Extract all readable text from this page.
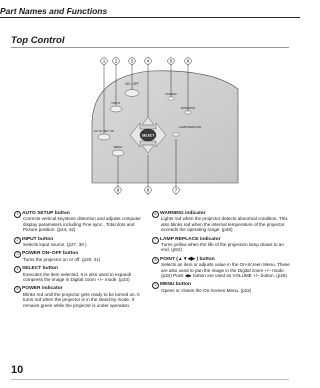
Part Names and Functions
Top Control
1 2	3	4	5	6
ON - OFF
INPUT
AUTO SET UP
MENU
POWER
WARNING
LAMP REPLACE
SELECT
9	8	7
1 AUTO SETUP button
Corrects vertical keystone distortion and adjusts computer display parameters including Fine sync., Total dots and Picture position. (p24, 42)
2 INPUT button
Selects input source. (p27, 36 )
3 POWER ON–OFF button
Turns the projector on or off. (p20, 21)
4 SELECT button
Executes the item selected. It is also used to expand/ compress the image in Digital zoom +/– mode. (p34)
5 POWER indicator
Blinks red until the projector gets ready to be turned on. It turns red when the projector is in the stand-by mode. It remains green while the projector is under operation.
6 WARNING indicator
Lights red when the projector detects abnormal condition. This also blinks red when the internal temperature of the projector exceeds the operating range. (p48)
7 LAMP REPLACE indicator
Turns yellow when the life of the projection lamp draws to an end. (p52)
8 POINT (▲▼◀▶ ) button
Selects an item or adjusts value in the On-Screen Menu. These are also used to pan the image in the Digital zoom +/– mode. (p34) Point ◀▶ button are used as VOLUME +/– button. (p26)
9 MENU button
Opens or closes the On-Screen Menu. (p22)
10
